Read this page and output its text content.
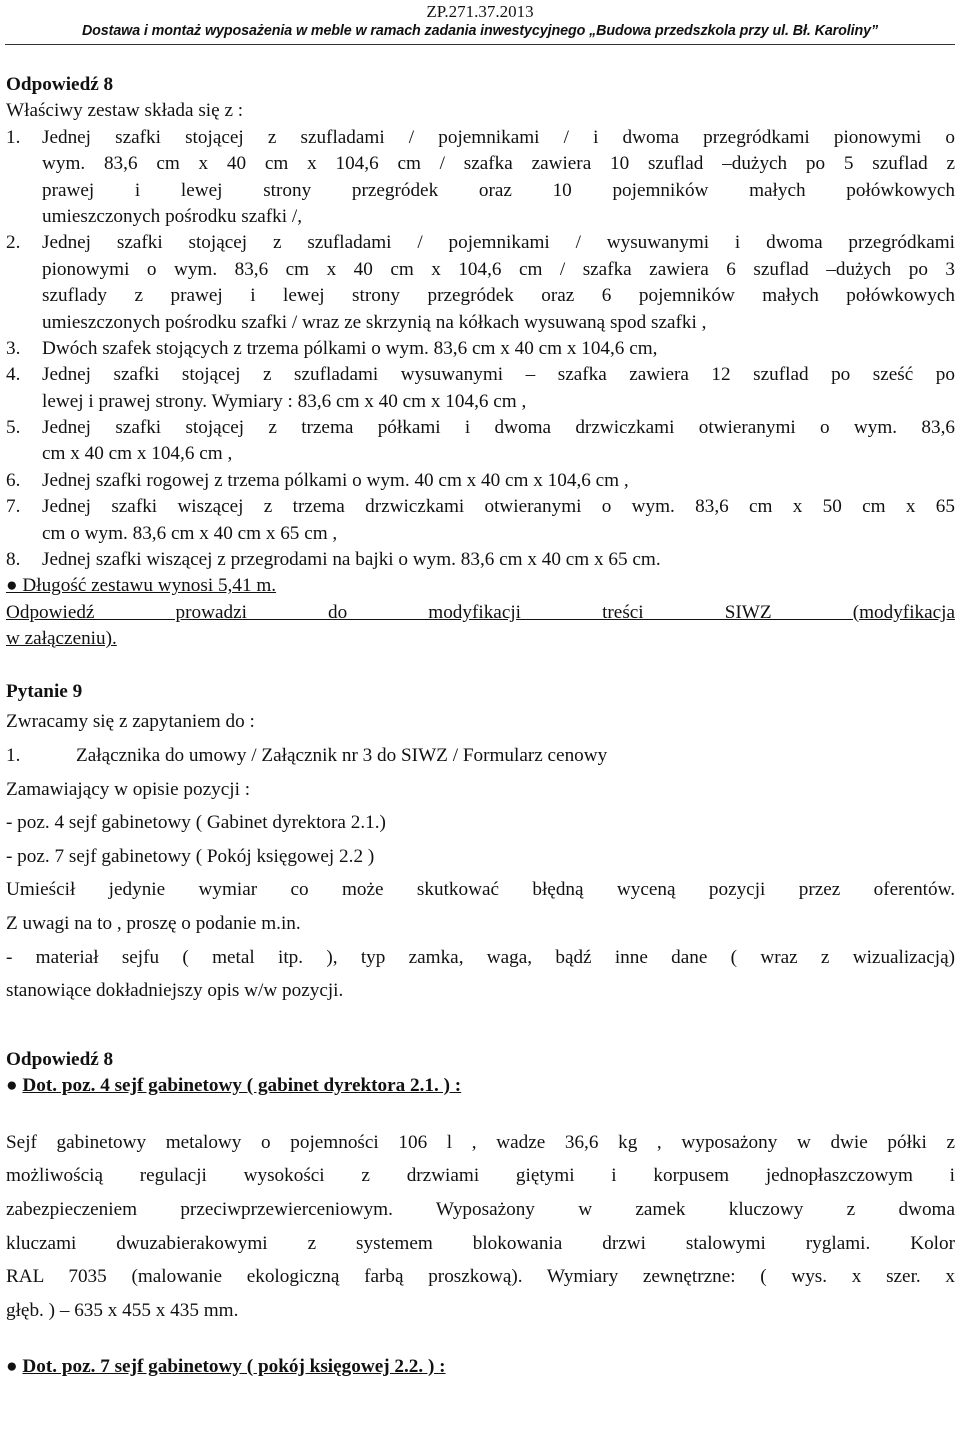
ZP.271.37.2013
Dostawa i montaż wyposażenia w meble w ramach zadania inwestycyjnego „Budowa przedszkola przy ul. Bł. Karoliny”
Odpowiedź 8
Właściwy zestaw składa się z :
1. Jednej szafki stojącej z szufladami / pojemnikami / i dwoma przegródkami pionowymi o
wym. 83,6 cm x 40 cm x 104,6 cm / szafka zawiera 10 szuflad –dużych po 5 szuflad z
prawej i lewej strony przegródek oraz 10 pojemników małych połówkowych
umieszczonych pośrodku szafki /,
2. Jednej szafki stojącej z szufladami / pojemnikami / wysuwanymi i dwoma przegródkami
pionowymi o wym. 83,6 cm x 40 cm x 104,6 cm / szafka zawiera 6 szuflad –dużych po 3
szuflady z prawej i lewej strony przegródek oraz 6 pojemników małych połówkowych
umieszczonych pośrodku szafki / wraz ze skrzynią na kółkach wysuwaną spod szafki ,
3. Dwóch szafek stojących z trzema pólkami o wym. 83,6 cm x 40 cm x 104,6 cm,
4. Jednej szafki stojącej z szufladami wysuwanymi – szafka zawiera 12 szuflad po sześć po
lewej i prawej strony. Wymiary : 83,6 cm x 40 cm x 104,6 cm ,
5. Jednej szafki stojącej z trzema półkami i dwoma drzwiczkami otwieranymi o wym. 83,6
cm x 40 cm x 104,6 cm ,
6. Jednej szafki rogowej z trzema pólkami o wym. 40 cm x 40 cm x 104,6 cm ,
7. Jednej szafki wiszącej z trzema drzwiczkami otwieranymi o wym. 83,6 cm x 50 cm x 65
cm o wym. 83,6 cm x 40 cm x 65 cm ,
8. Jednej szafki wiszącej z przegrodami na bajki o wym. 83,6 cm x 40 cm x 65 cm.
● Długość zestawu wynosi 5,41 m.
Odpowiedź prowadzi do modyfikacji treści SIWZ (modyfikacja
w załączeniu).
Pytanie 9
Zwracamy się z zapytaniem do :
1.	Załącznika do umowy / Załącznik nr 3 do SIWZ / Formularz cenowy
Zamawiający w opisie pozycji :
- poz. 4 sejf gabinetowy ( Gabinet dyrektora 2.1.)
- poz. 7 sejf gabinetowy ( Pokój księgowej 2.2 )
Umieścił jedynie wymiar co może skutkować błędną wyceną pozycji przez oferentów.
Z uwagi na to , proszę o podanie m.in.
- materiał sejfu ( metal itp. ), typ zamka, waga, bądź inne dane ( wraz z wizualizacją)
stanowiące dokładniejszy opis w/w pozycji.
Odpowiedź 8
● Dot. poz. 4 sejf gabinetowy ( gabinet dyrektora 2.1. ) :
Sejf gabinetowy metalowy o pojemności 106 l , wadze 36,6 kg , wyposażony w dwie półki z
możliwością regulacji wysokości z drzwiami giętymi i korpusem jednopłaszczowym i
zabezpieczeniem przeciwprzewierceniowym. Wyposażony w zamek kluczowy z dwoma
kluczami dwuzabierakowymi z systemem blokowania drzwi stalowymi ryglami. Kolor
RAL 7035 (malowanie ekologiczną farbą proszkową). Wymiary zewnętrzne: ( wys. x szer. x
głęb. ) – 635 x 455 x 435 mm.
● Dot. poz. 7 sejf gabinetowy ( pokój księgowej 2.2. ) :
